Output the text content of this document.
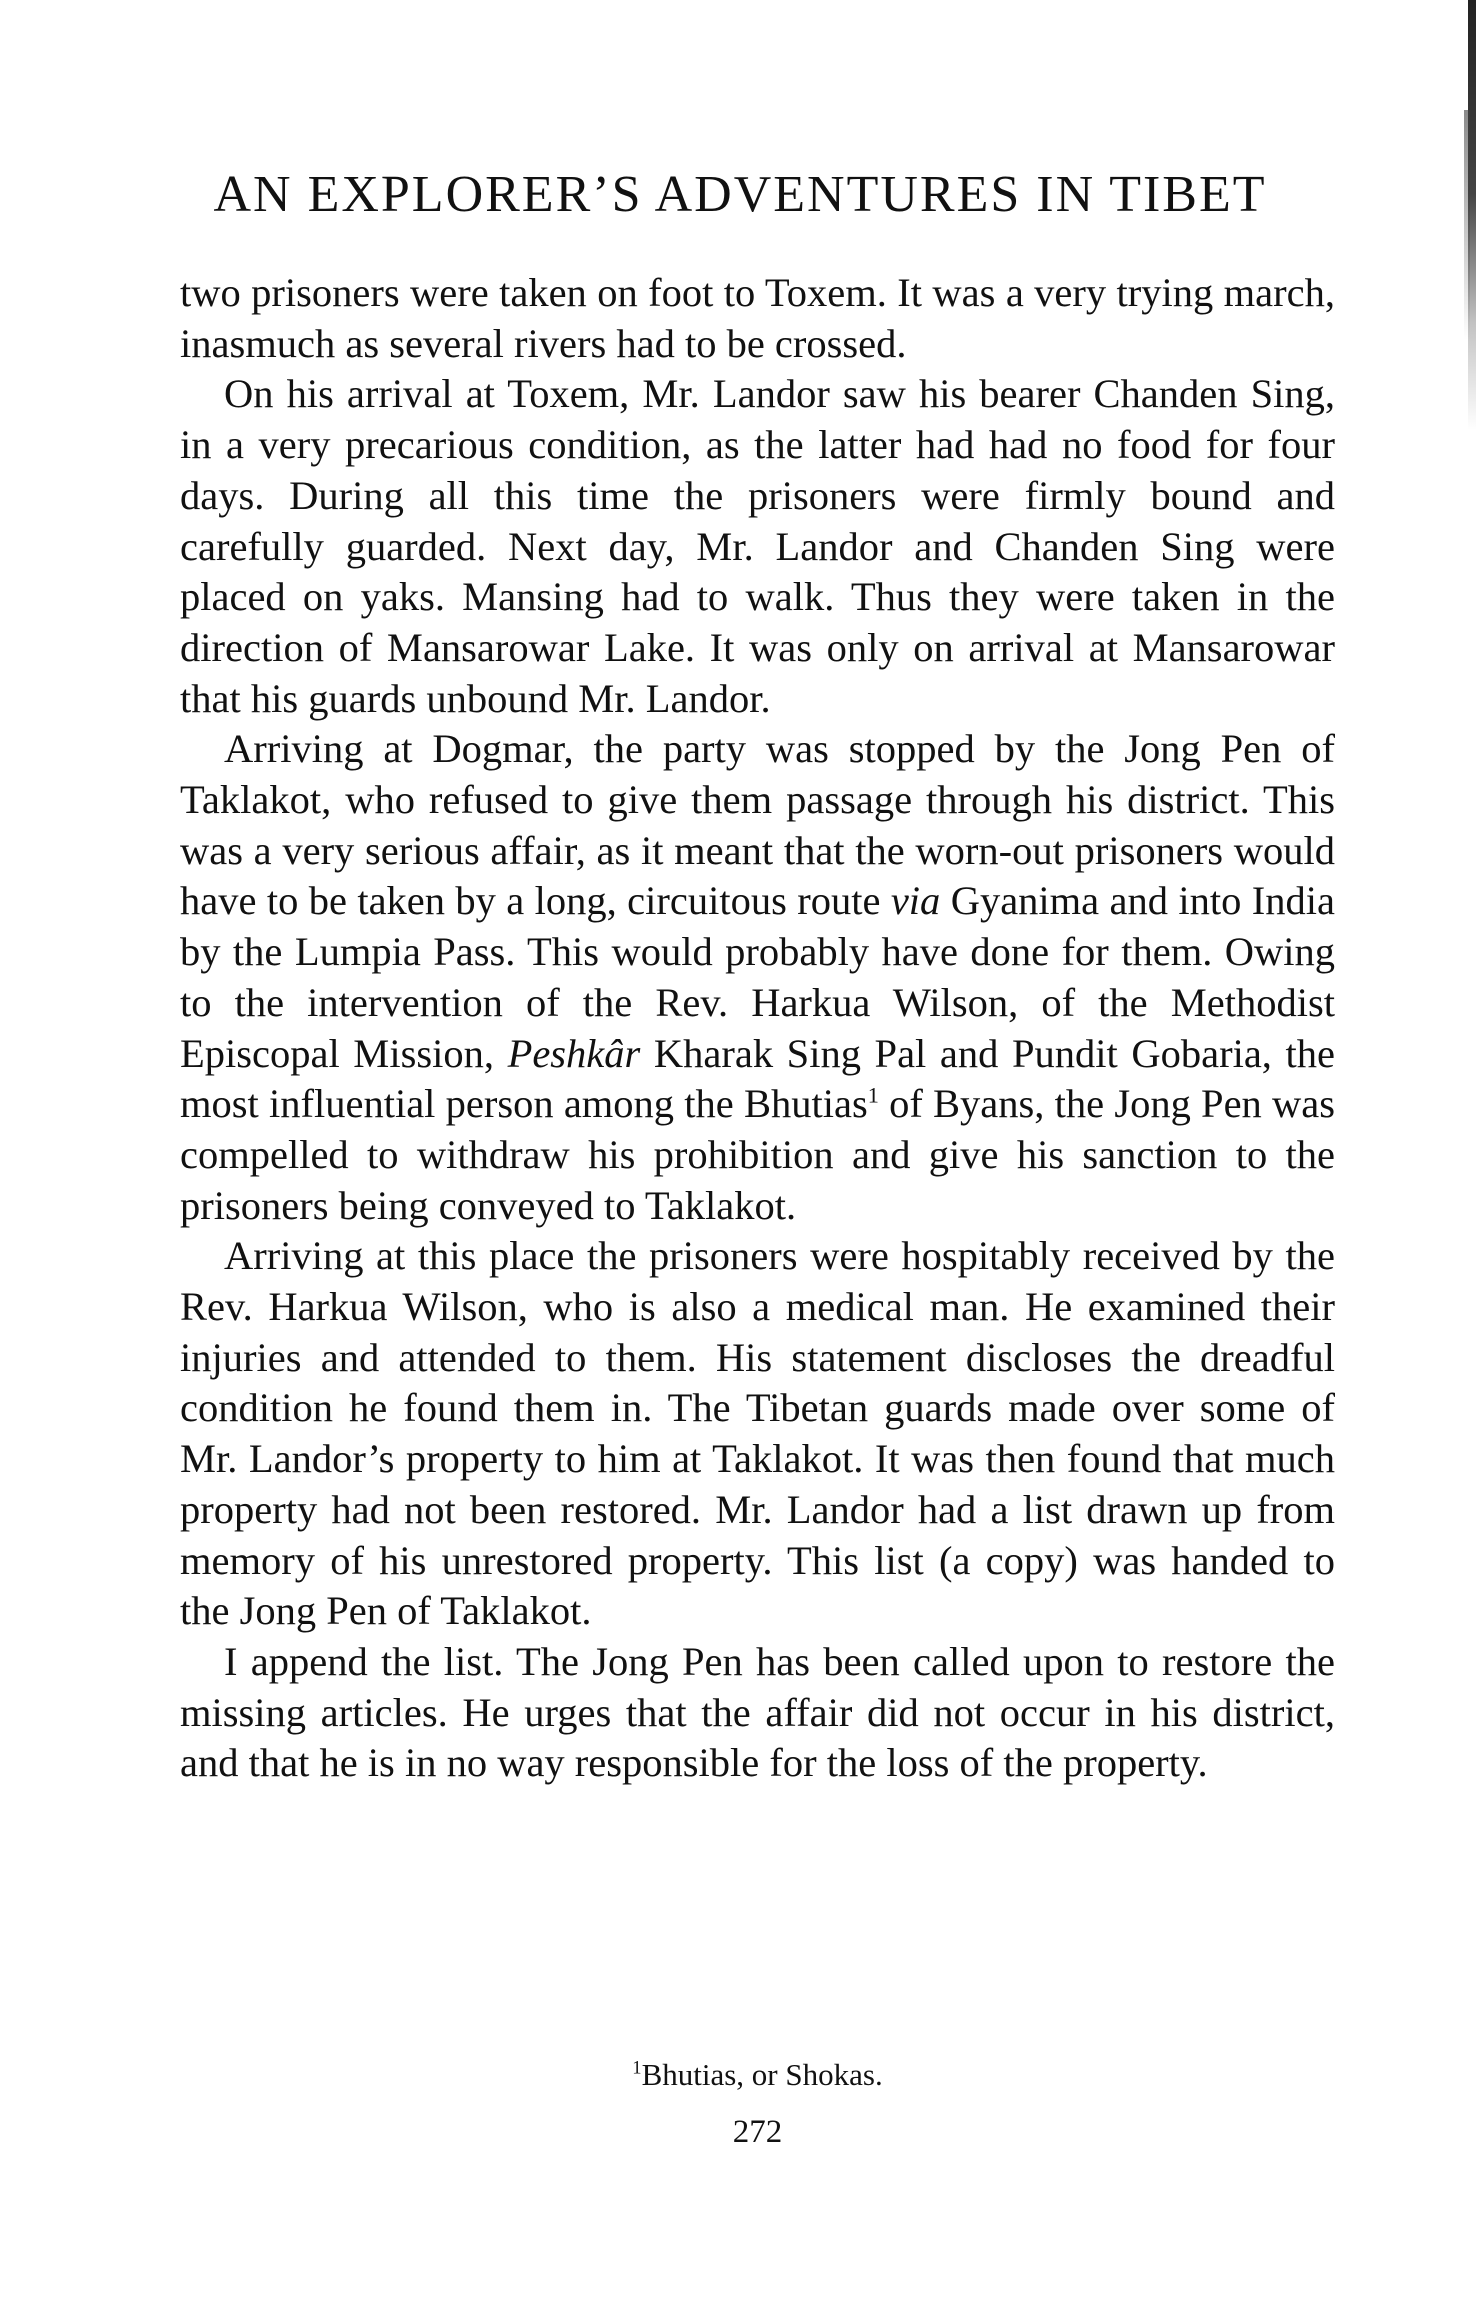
AN EXPLORER’S ADVENTURES IN TIBET

two prisoners were taken on foot to Toxem. It was a very trying march, inasmuch as several rivers had to be crossed.

On his arrival at Toxem, Mr. Landor saw his bearer Chanden Sing, in a very precarious condition, as the latter had had no food for four days. During all this time the prisoners were firmly bound and carefully guarded. Next day, Mr. Landor and Chanden Sing were placed on yaks. Mansing had to walk. Thus they were taken in the direction of Mansarowar Lake. It was only on arrival at Mansarowar that his guards unbound Mr. Landor.

Arriving at Dogmar, the party was stopped by the Jong Pen of Taklakot, who refused to give them passage through his district. This was a very serious affair, as it meant that the worn-out prisoners would have to be taken by a long, circuitous route via Gyanima and into India by the Lumpia Pass. This would probably have done for them. Owing to the intervention of the Rev. Harkua Wilson, of the Methodist Episcopal Mission, Peshkâr Kharak Sing Pal and Pundit Gobaria, the most influential person among the Bhutias$^1$ of Byans, the Jong Pen was compelled to withdraw his prohibition and give his sanction to the prisoners being conveyed to Taklakot.

Arriving at this place the prisoners were hospitably received by the Rev. Harkua Wilson, who is also a medical man. He examined their injuries and attended to them. His statement discloses the dreadful condition he found them in. The Tibetan guards made over some of Mr. Landor’s property to him at Taklakot. It was then found that much property had not been restored. Mr. Landor had a list drawn up from memory of his unrestored property. This list (a copy) was handed to the Jong Pen of Taklakot.

I append the list. The Jong Pen has been called upon to restore the missing articles. He urges that the affair did not occur in his district, and that he is in no way responsible for the loss of the property.

$^1$Bhutias, or Shokas.
272
